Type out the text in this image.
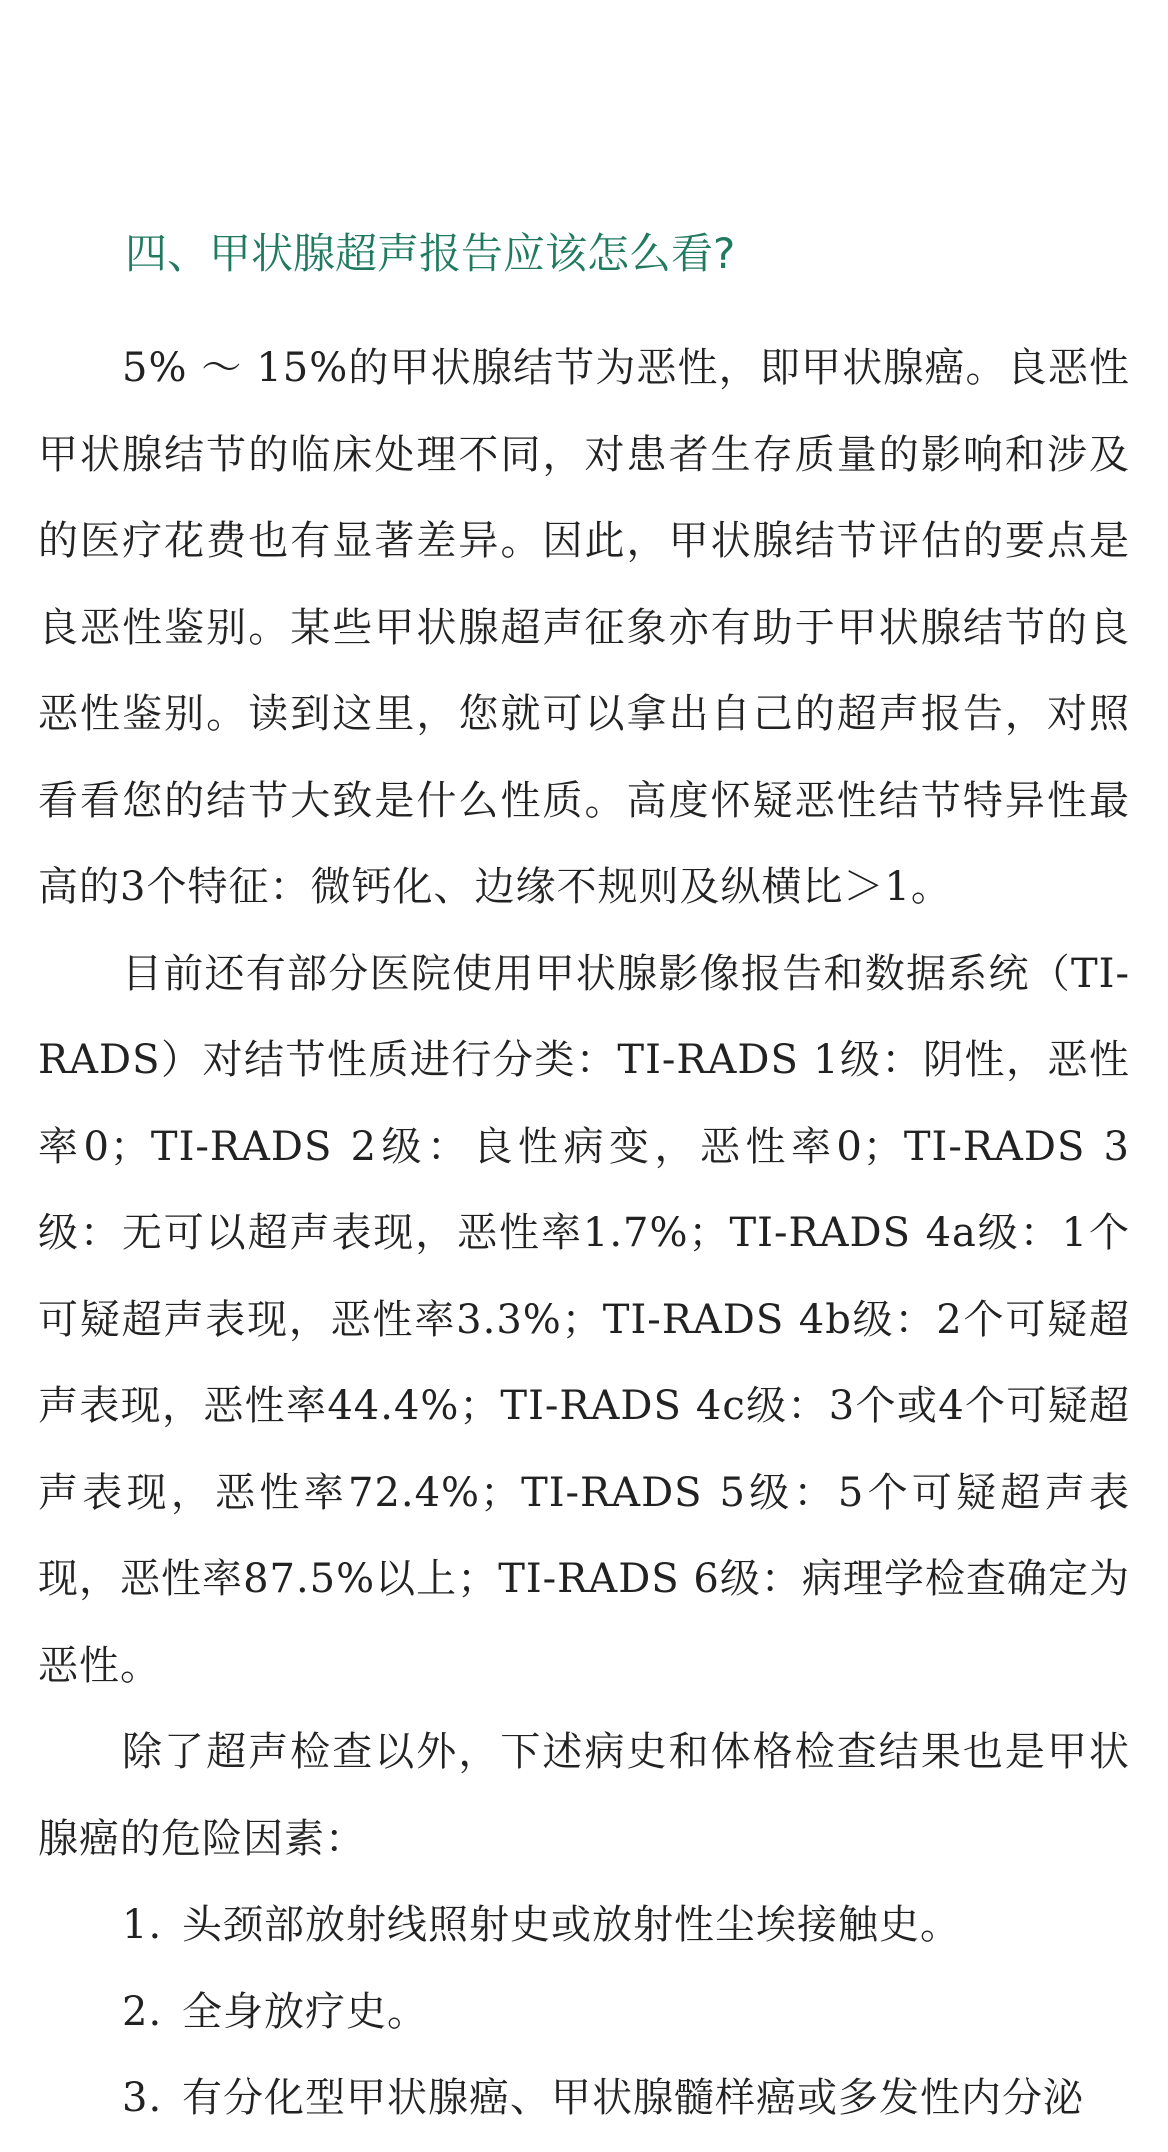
四、甲状腺超声报告应该怎么看?

5% ～ 15%的甲状腺结节为恶性，即甲状腺癌。良恶性甲状腺结节的临床处理不同，对患者生存质量的影响和涉及的医疗花费也有显著差异。因此，甲状腺结节评估的要点是良恶性鉴别。某些甲状腺超声征象亦有助于甲状腺结节的良恶性鉴别。读到这里，您就可以拿出自己的超声报告，对照看看您的结节大致是什么性质。高度怀疑恶性结节特异性最高的3个特征：微钙化、边缘不规则及纵横比＞1。

目前还有部分医院使用甲状腺影像报告和数据系统（TI-RADS）对结节性质进行分类：TI-RADS 1级：阴性，恶性率0；TI-RADS 2级：良性病变，恶性率0；TI-RADS 3级：无可以超声表现，恶性率1.7%；TI-RADS 4a级：1个可疑超声表现，恶性率3.3%；TI-RADS 4b级：2个可疑超声表现，恶性率44.4%；TI-RADS 4c级：3个或4个可疑超声表现，恶性率72.4%；TI-RADS 5级：5个可疑超声表现，恶性率87.5%以上；TI-RADS 6级：病理学检查确定为恶性。

除了超声检查以外，下述病史和体格检查结果也是甲状腺癌的危险因素：

1. 头颈部放射线照射史或放射性尘埃接触史。

2. 全身放疗史。

3. 有分化型甲状腺癌、甲状腺髓样癌或多发性内分泌
